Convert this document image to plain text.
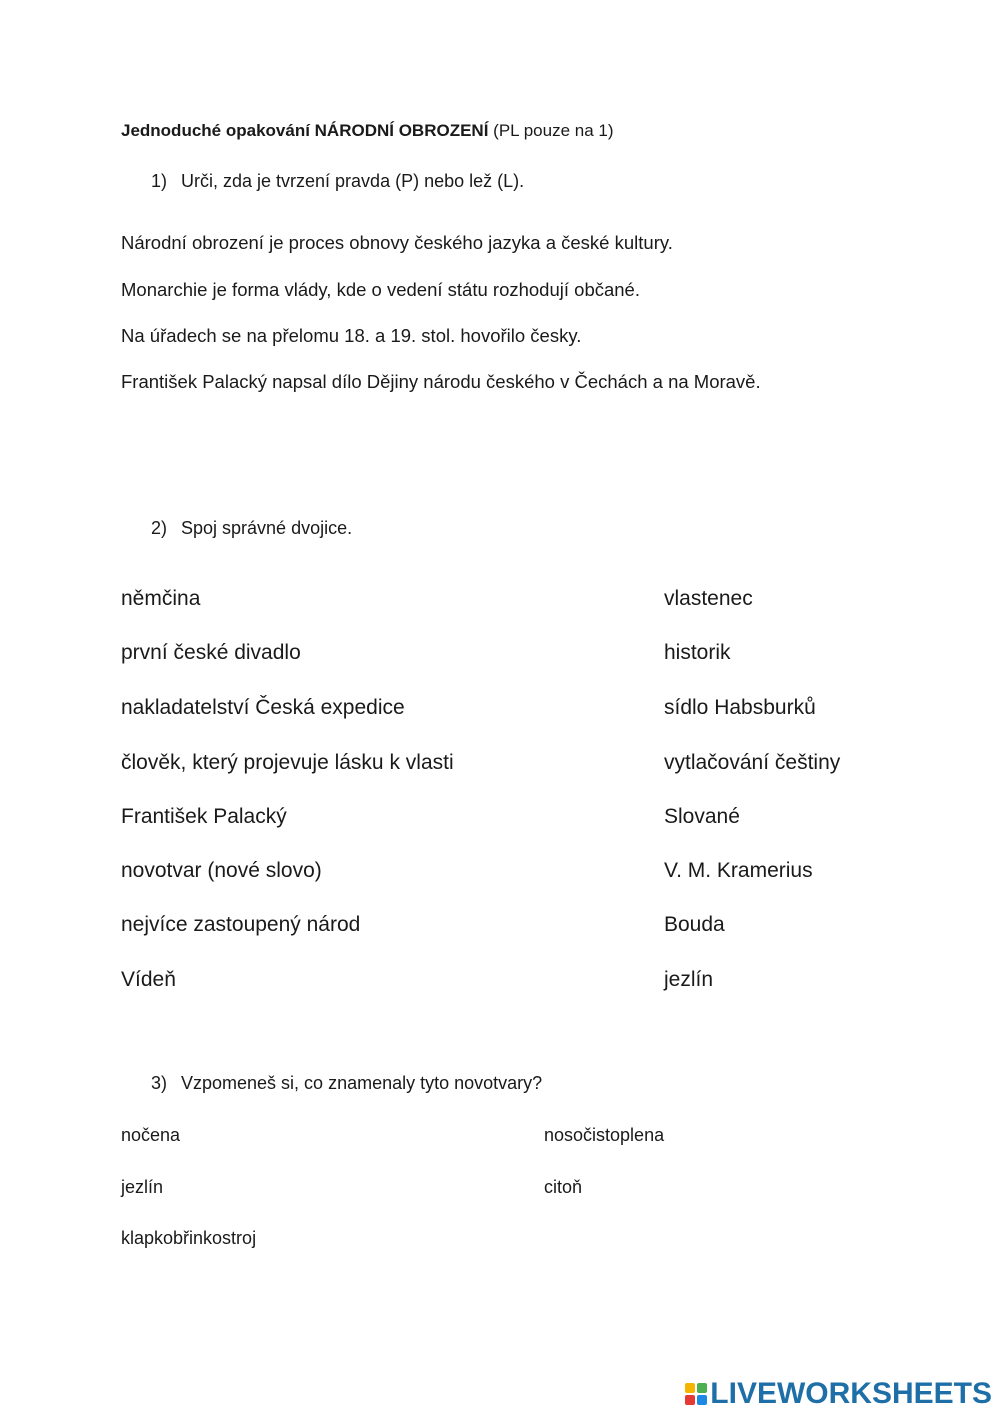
Jednoduché opakování NÁRODNÍ OBROZENÍ (PL pouze na 1)
1) Urči, zda je tvrzení pravda (P) nebo lež (L).
Národní obrození je proces obnovy českého jazyka a české kultury.
Monarchie je forma vlády, kde o vedení státu rozhodují občané.
Na úřadech se na přelomu 18. a 19. stol. hovořilo česky.
František Palacký napsal dílo Dějiny národu českého v Čechách a na Moravě.
2) Spoj správné dvojice.
němčina
první české divadlo
nakladatelství Česká expedice
člověk, který projevuje lásku k vlasti
František Palacký
novotvar (nové slovo)
nejvíce zastoupený národ
Vídeň
vlastenec
historik
sídlo Habsburků
vytlačování češtiny
Slované
V. M. Kramerius
Bouda
jezlín
3) Vzpomeneš si, co znamenaly tyto novotvary?
nočena	nosočistoplena
jezlín	citoň
klapkobřinkostroj
LIVEWORKSHEETS
